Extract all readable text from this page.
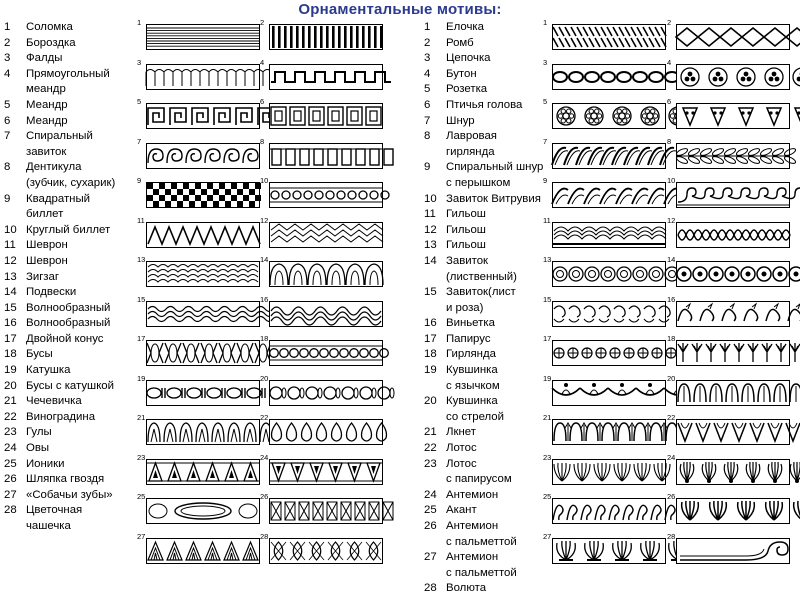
Орнаментальные мотивы:
1	Соломка
2	Бороздка
3	Фалды
4	Прямоугольный
меандр
5	Меандр
6	Меандр
7	Спиральный
завиток
8	Дентикула
(зубчик, сухарик)
9	Квадратный
биллет
10 Круглый биллет
11 Шеврон
12 Шеврон
13 Зигзаг
14 Подвески
15 Волнообразный
16 Волнообразный
17 Двойной конус
18 Бусы
19 Катушка
20 Бусы с катушкой
21 Чечевичка
22 Виноградина
23 Гулы
24 Овы
25 Ионики
26 Шляпка гвоздя
27 «Собачьи зубы»
28 Цветочная
чашечка
1	2
3	4
5	6
7	8
9	10
11	12
13	14
15	16
17	18
19	20
21	22
23	24
25	26
27	28
1	Елочка
2	Ромб
3	Цепочка
4	Бутон
5	Розетка
6	Птичья голова
7	Шнур
8	Лавровая
гирлянда
9	Спиральный шнур
с перышком
10 Завиток Витрувия
11 Гильош
12 Гильош
13 Гильош
14 Завиток
(лиственный)
15 Завиток(лист
и роза)
16 Виньетка
17 Папирус
18 Гирлянда
19 Кувшинка
с язычком
20 Кувшинка
со стрелой
21 Лкнет
22 Лотос
23 Лотос
с папирусом
24 Антемион
25 Акант
26 Антемион
с пальметтой
27 Антемион
с пальметтой
28 Волюта
1	2
3	4
5	6
7	8
9	10
11	12
13	14
15	16
17	18
19	20
21	22
23	24
25	26
27	28
